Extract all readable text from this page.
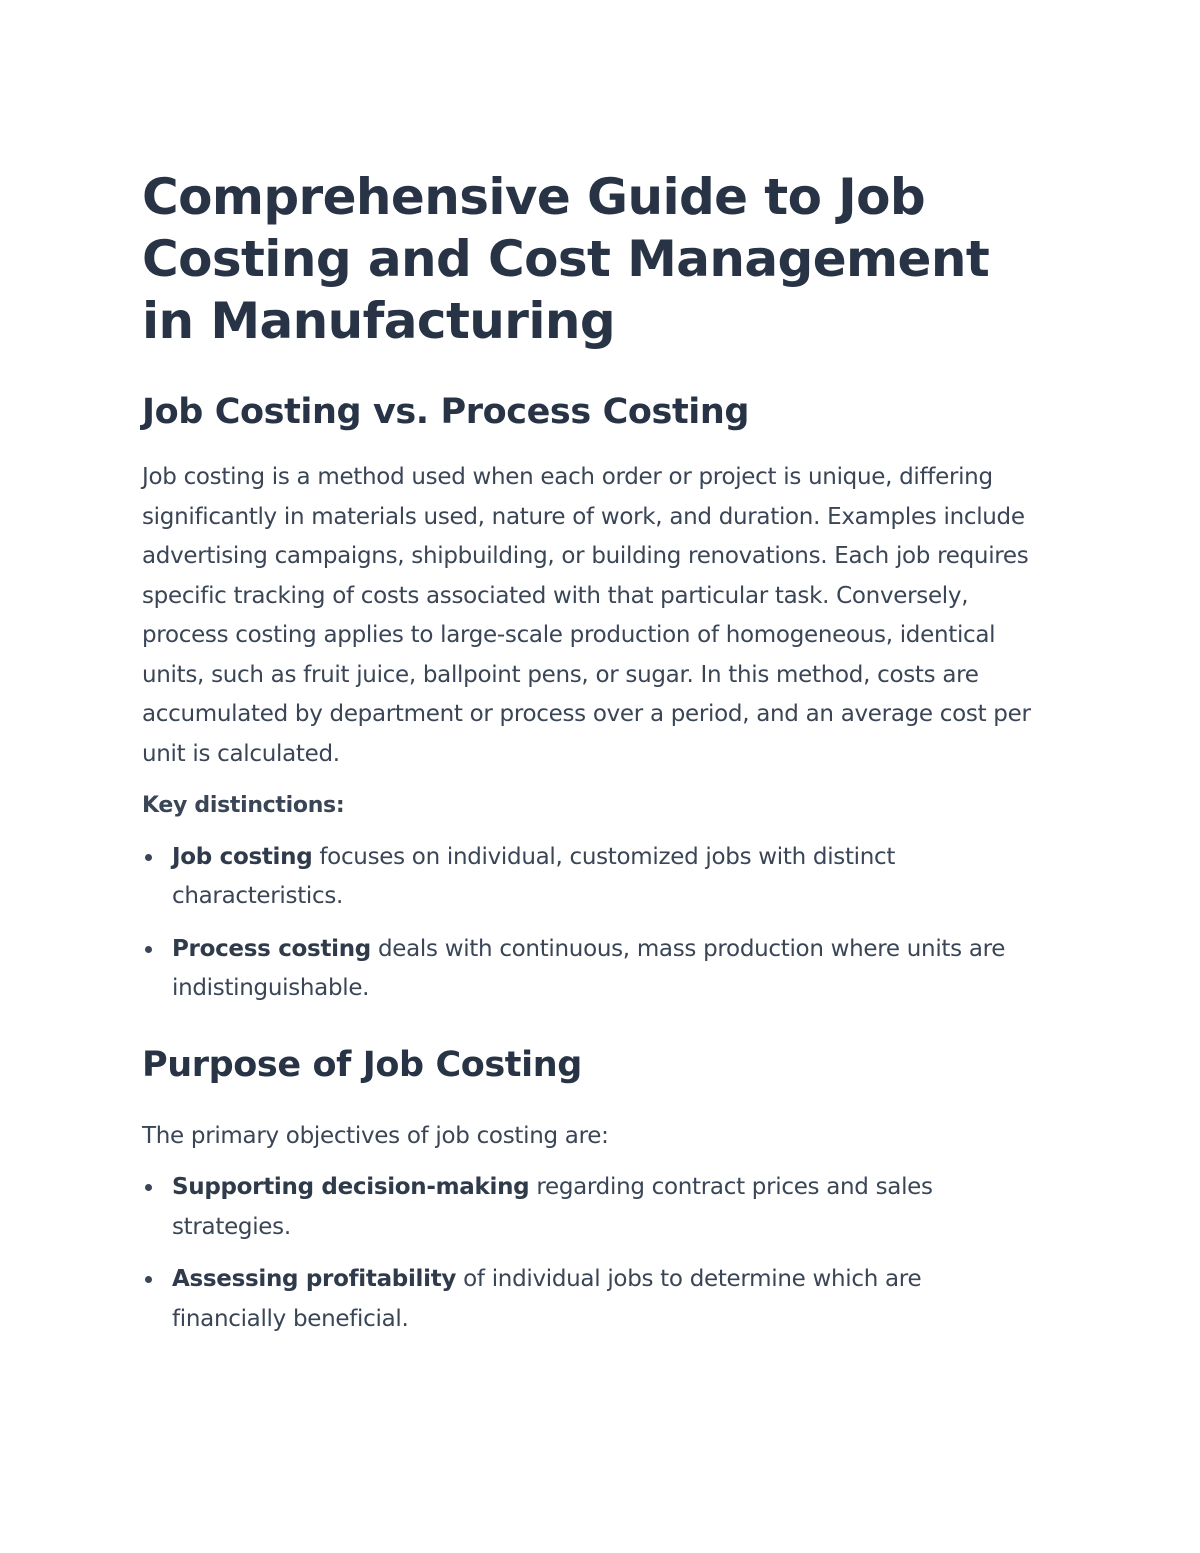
Comprehensive Guide to Job Costing and Cost Management in Manufacturing
Job Costing vs. Process Costing

Job costing is a method used when each order or project is unique, differing significantly in materials used, nature of work, and duration. Examples include advertising campaigns, shipbuilding, or building renovations. Each job requires specific tracking of costs associated with that particular task. Conversely, process costing applies to large-scale production of homogeneous, identical units, such as fruit juice, ballpoint pens, or sugar. In this method, costs are accumulated by department or process over a period, and an average cost per unit is calculated.

Key distinctions:

Job costing focuses on individual, customized jobs with distinct characteristics.
Process costing deals with continuous, mass production where units are indistinguishable.
Purpose of Job Costing

The primary objectives of job costing are:

Supporting decision-making regarding contract prices and sales strategies.
Assessing profitability of individual jobs to determine which are financially beneficial.
